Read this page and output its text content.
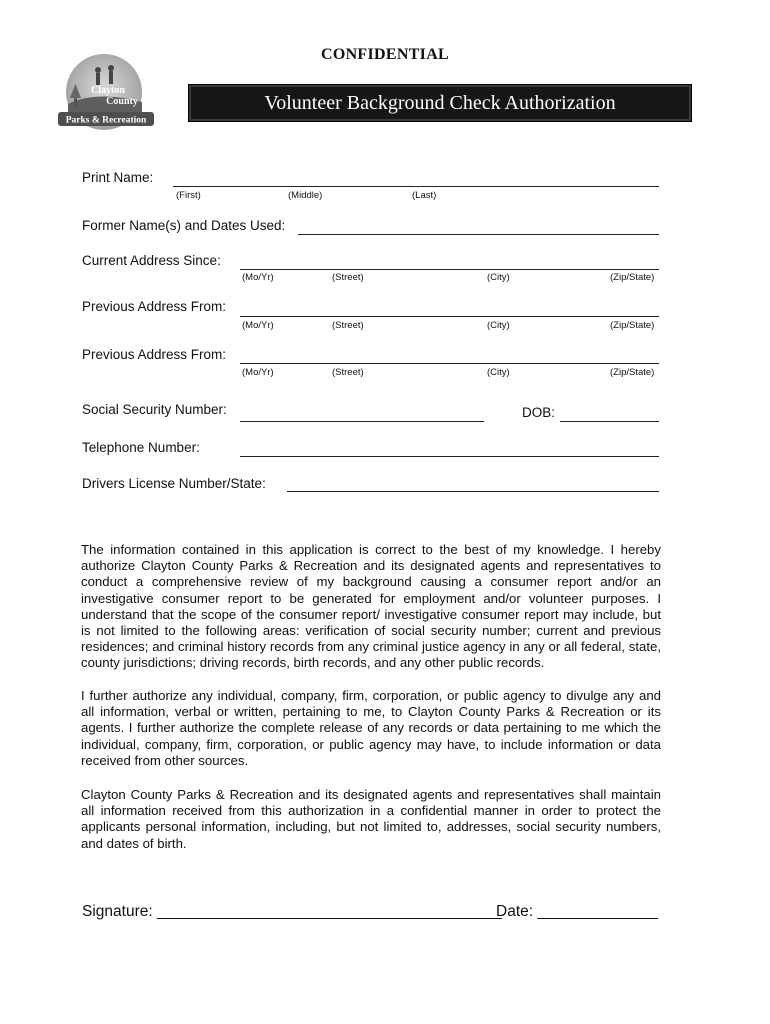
CONFIDENTIAL
Clayton
County
Parks & Recreation
Volunteer Background Check Authorization
Print Name:
(First)	(Middle)	(Last)
Former Name(s) and Dates Used:
Current Address Since:
(Mo/Yr)	(Street)	(City)	(Zip/State)
Previous Address From:
(Mo/Yr)	(Street)	(City)	(Zip/State)
Previous Address From:
(Mo/Yr)	(Street)	(City)	(Zip/State)
Social Security Number:	DOB:
Telephone Number:
Drivers License Number/State:
The information contained in this application is correct to the best of my knowledge. I hereby authorize Clayton County Parks & Recreation and its designated agents and representatives to conduct a comprehensive review of my background causing a consumer report and/or an investigative consumer report to be generated for employment and/or volunteer purposes. I understand that the scope of the consumer report/ investigative consumer report may include, but is not limited to the following areas: verification of social security number; current and previous residences; and criminal history records from any criminal justice agency in any or all federal, state, county jurisdictions; driving records, birth records, and any other public records.
I further authorize any individual, company, firm, corporation, or public agency to divulge any and all information, verbal or written, pertaining to me, to Clayton County Parks & Recreation or its agents. I further authorize the complete release of any records or data pertaining to me which the individual, company, firm, corporation, or public agency may have, to include information or data received from other sources.
Clayton County Parks & Recreation and its designated agents and representatives shall maintain all information received from this authorization in a confidential manner in order to protect the applicants personal information, including, but not limited to, addresses, social security numbers, and dates of birth.
Signature: ________________________________________
Date: ______________
